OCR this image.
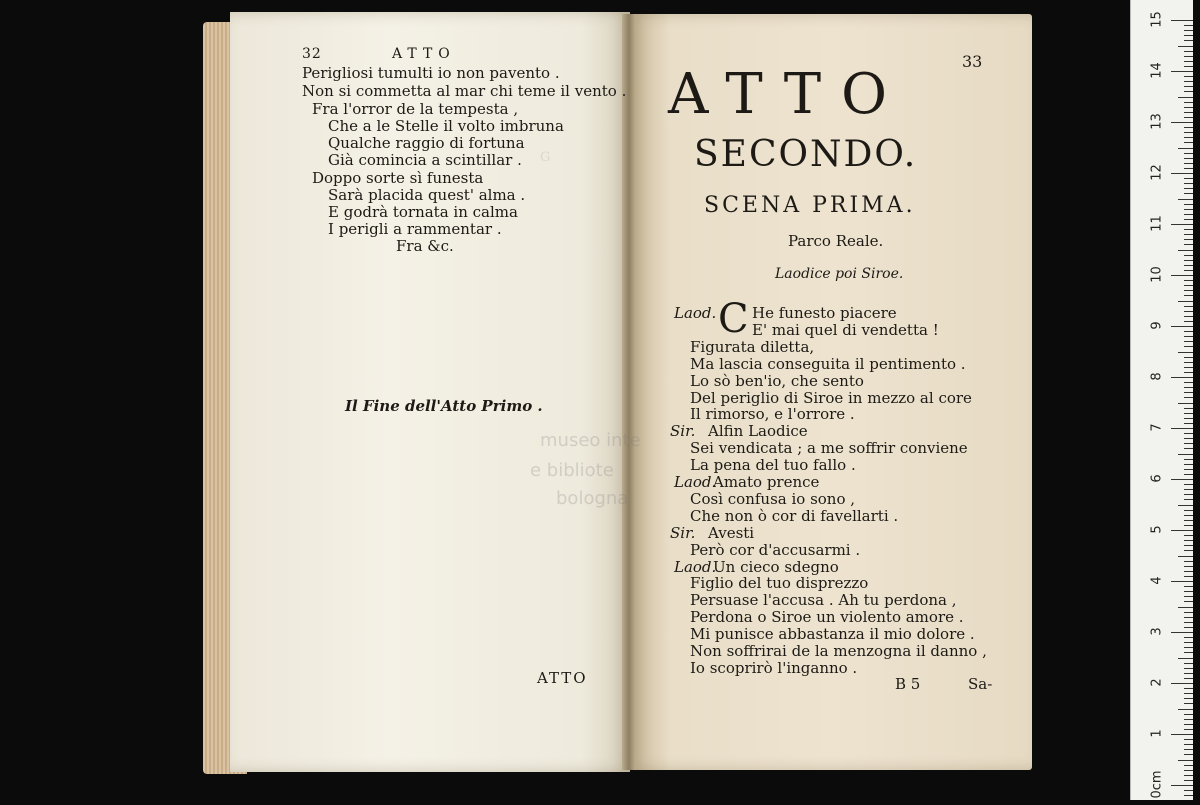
G
museo inte
e bibliote
bologna
32	ATTO
Perigliosi tumulti io non pavento .
Non si commetta al mar chi teme il vento .
Fra l'orror de la tempesta ,
Che a le Stelle il volto imbruna
Qualche raggio di fortuna
Già comincia a scintillar .
Doppo sorte sì funesta
Sarà placida quest' alma .
E godrà tornata in calma
I perigli a rammentar .
Fra &c.
Il Fine dell'Atto Primo .
ATTO
33
ATTO
SECONDO.
SCENA PRIMA.
Parco Reale.
Laodice poi Siroe.
Laod. C He funesto piacere
E' mai quel di vendetta !
Figurata diletta,
Ma lascia conseguita il pentimento .
Lo sò ben'io, che sento
Del periglio di Siroe in mezzo al core
Il rimorso, e l'orrore .
Sir. Alfin Laodice
Sei vendicata ; a me soffrir conviene
La pena del tuo fallo .
Laod.
Amato prence
Così confusa io sono ,
Che non ò cor di favellarti .
Sir. Avesti
Però cor d'accusarmi .
Laod.
Un cieco sdegno
Figlio del tuo disprezzo
Persuase l'accusa . Ah tu perdona ,
Perdona o Siroe un violento amore .
Mi punisce abbastanza il mio dolore .
Non soffrirai de la menzogna il danno ,
Io scoprirò l'inganno .
B 5	Sa-
15
14
13
12
11
10
9
8
7
6
5
4
3
2
1
0cm
